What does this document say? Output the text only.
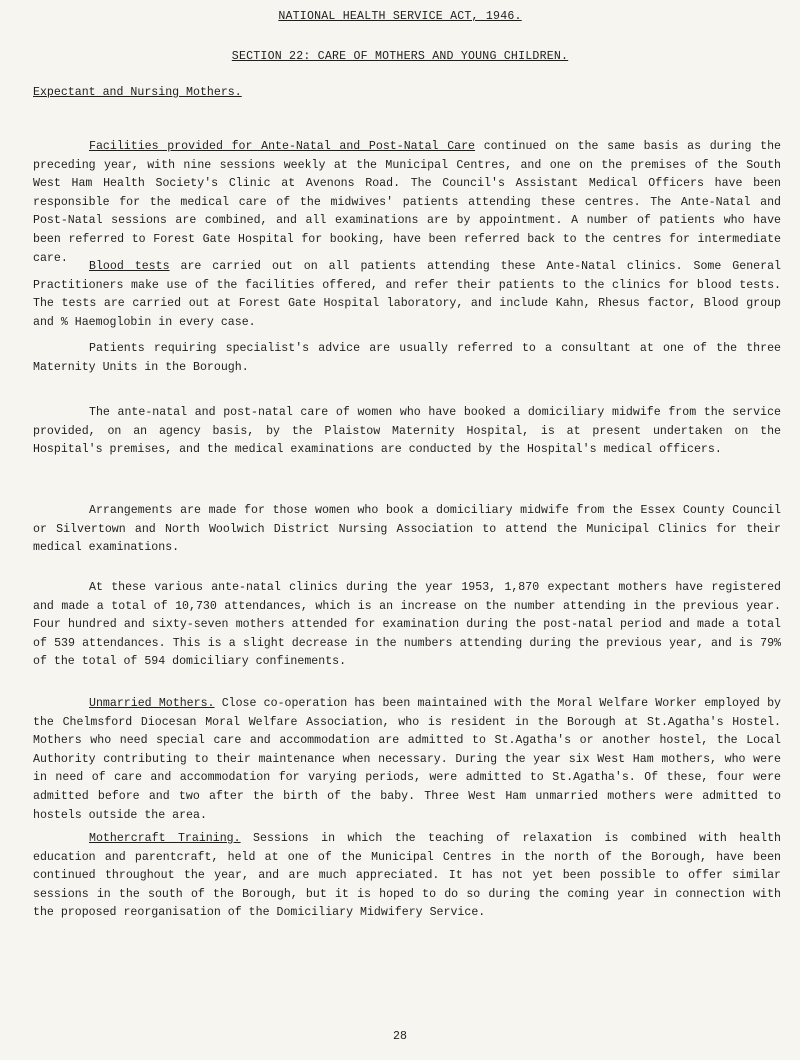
NATIONAL HEALTH SERVICE ACT, 1946.
SECTION 22: CARE OF MOTHERS AND YOUNG CHILDREN.
Expectant and Nursing Mothers.

Facilities provided for Ante-Natal and Post-Natal Care continued on the same basis as during the preceding year, with nine sessions weekly at the Municipal Centres, and one on the premises of the South West Ham Health Society's Clinic at Avenons Road. The Council's Assistant Medical Officers have been responsible for the medical care of the midwives' patients attending these centres. The Ante-Natal and Post-Natal sessions are combined, and all examinations are by appointment. A number of patients who have been referred to Forest Gate Hospital for booking, have been referred back to the centres for intermediate care.

Blood tests are carried out on all patients attending these Ante-Natal clinics. Some General Practitioners make use of the facilities offered, and refer their patients to the clinics for blood tests. The tests are carried out at Forest Gate Hospital laboratory, and include Kahn, Rhesus factor, Blood group and % Haemoglobin in every case.

Patients requiring specialist's advice are usually referred to a consultant at one of the three Maternity Units in the Borough.

The ante-natal and post-natal care of women who have booked a domiciliary midwife from the service provided, on an agency basis, by the Plaistow Maternity Hospital, is at present undertaken on the Hospital's premises, and the medical examinations are conducted by the Hospital's medical officers.

Arrangements are made for those women who book a domiciliary midwife from the Essex County Council or Silvertown and North Woolwich District Nursing Association to attend the Municipal Clinics for their medical examinations.

At these various ante-natal clinics during the year 1953, 1,870 expectant mothers have registered and made a total of 10,730 attendances, which is an increase on the number attending in the previous year. Four hundred and sixty-seven mothers attended for examination during the post-natal period and made a total of 539 attendances. This is a slight decrease in the numbers attending during the previous year, and is 79% of the total of 594 domiciliary confinements.

Unmarried Mothers. Close co-operation has been maintained with the Moral Welfare Worker employed by the Chelmsford Diocesan Moral Welfare Association, who is resident in the Borough at St.Agatha's Hostel. Mothers who need special care and accommodation are admitted to St.Agatha's or another hostel, the Local Authority contributing to their maintenance when necessary. During the year six West Ham mothers, who were in need of care and accommodation for varying periods, were admitted to St.Agatha's. Of these, four were admitted before and two after the birth of the baby. Three West Ham unmarried mothers were admitted to hostels outside the area.

Mothercraft Training. Sessions in which the teaching of relaxation is combined with health education and parentcraft, held at one of the Municipal Centres in the north of the Borough, have been continued throughout the year, and are much appreciated. It has not yet been possible to offer similar sessions in the south of the Borough, but it is hoped to do so during the coming year in connection with the proposed reorganisation of the Domiciliary Midwifery Service.

28
